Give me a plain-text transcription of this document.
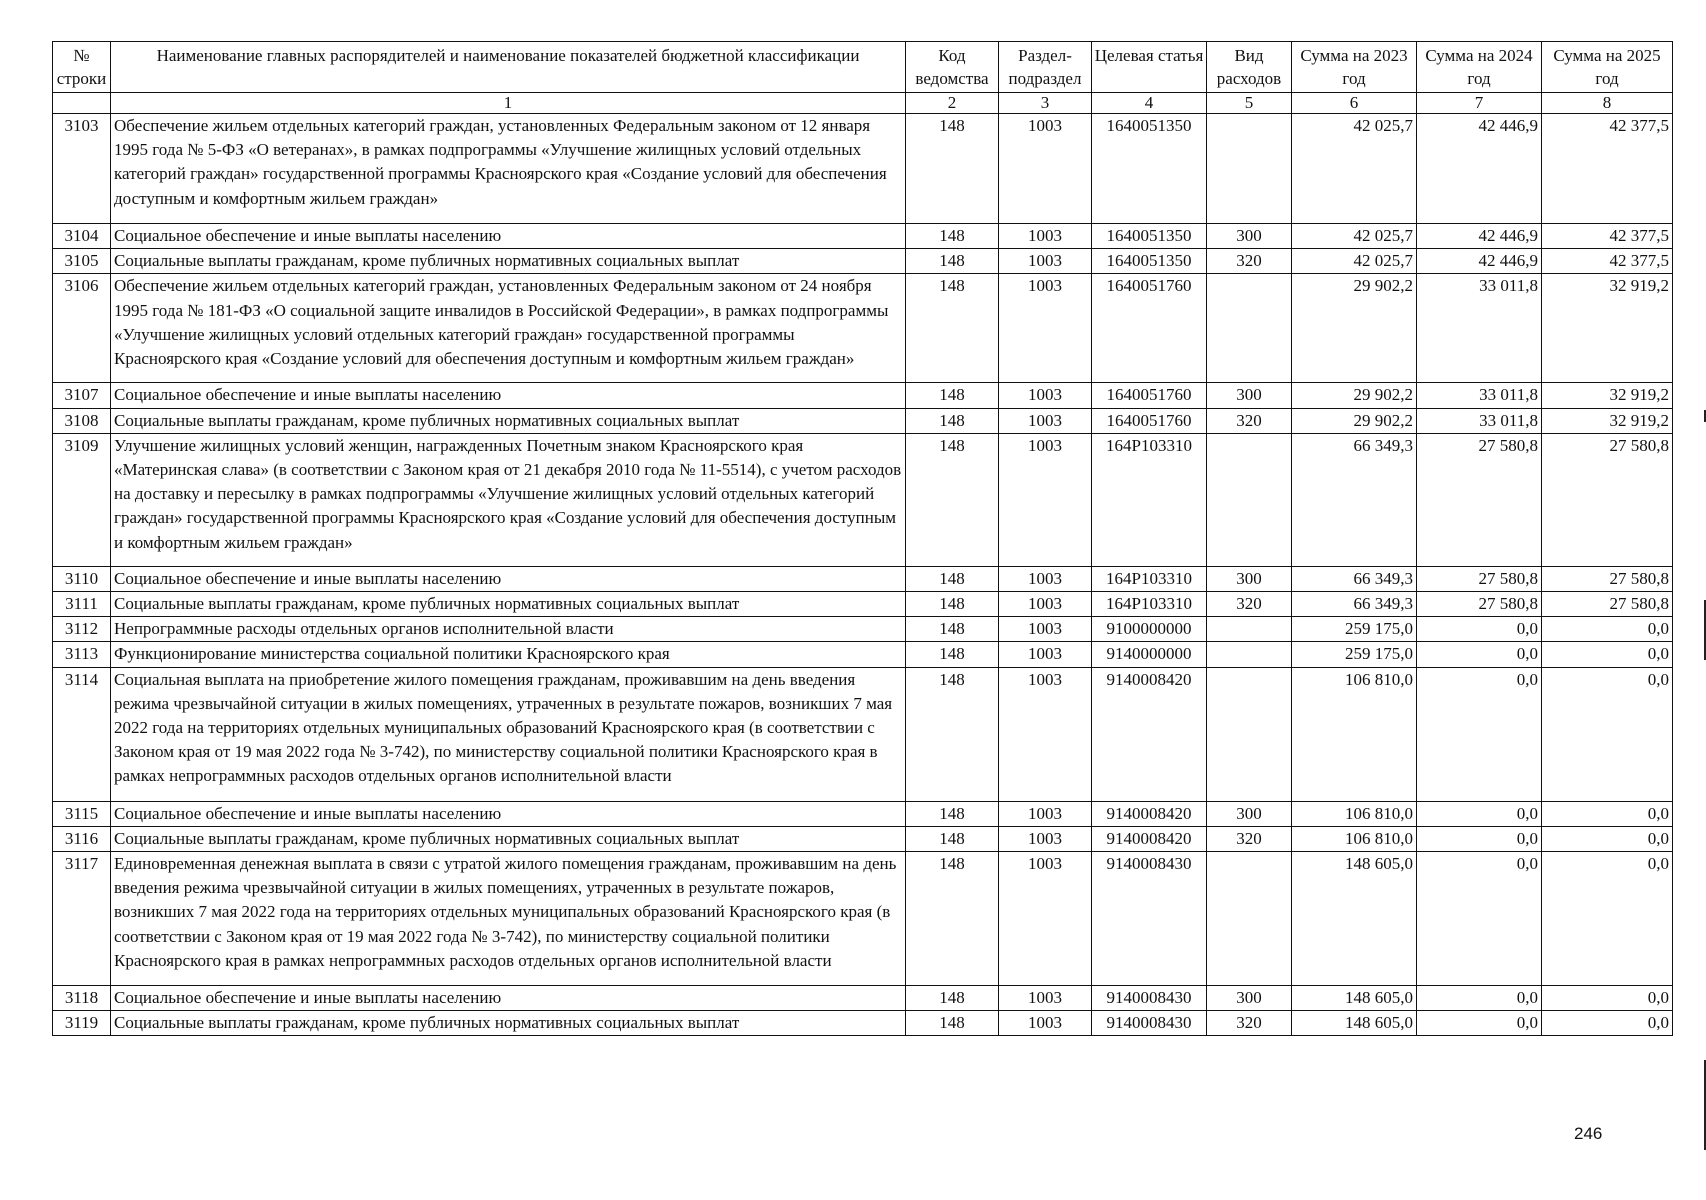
№ строки	Наименование главных распорядителей и наименование показателей бюджетной классификации	Код ведомства	Раздел-подраздел	Целевая статья	Вид расходов	Сумма на 2023 год	Сумма на 2024 год	Сумма на 2025 год
	1	2	3	4	5	6	7	8
3103	Обеспечение жильем отдельных категорий граждан, установленных Федеральным законом от 12 января 1995 года № 5-ФЗ «О ветеранах», в рамках подпрограммы «Улучшение жилищных условий отдельных категорий граждан» государственной программы Красноярского края «Создание условий для обеспечения доступным и комфортным жильем граждан»	148	1003	1640051350		42 025,7	42 446,9	42 377,5
3104	Социальное обеспечение и иные выплаты населению	148	1003	1640051350	300	42 025,7	42 446,9	42 377,5
3105	Социальные выплаты гражданам, кроме публичных нормативных социальных выплат	148	1003	1640051350	320	42 025,7	42 446,9	42 377,5
3106	Обеспечение жильем отдельных категорий граждан, установленных Федеральным законом от 24 ноября 1995 года № 181-ФЗ «О социальной защите инвалидов в Российской Федерации», в рамках подпрограммы «Улучшение жилищных условий отдельных категорий граждан» государственной программы Красноярского края «Создание условий для обеспечения доступным и комфортным жильем граждан»	148	1003	1640051760		29 902,2	33 011,8	32 919,2
3107	Социальное обеспечение и иные выплаты населению	148	1003	1640051760	300	29 902,2	33 011,8	32 919,2
3108	Социальные выплаты гражданам, кроме публичных нормативных социальных выплат	148	1003	1640051760	320	29 902,2	33 011,8	32 919,2
3109	Улучшение жилищных условий женщин, награжденных Почетным знаком Красноярского края «Материнская слава» (в соответствии с Законом края от 21 декабря 2010 года № 11-5514), с учетом расходов на доставку и пересылку в рамках подпрограммы «Улучшение жилищных условий отдельных категорий граждан» государственной программы Красноярского края «Создание условий для обеспечения доступным и комфортным жильем граждан»	148	1003	164P103310		66 349,3	27 580,8	27 580,8
3110	Социальное обеспечение и иные выплаты населению	148	1003	164P103310	300	66 349,3	27 580,8	27 580,8
3111	Социальные выплаты гражданам, кроме публичных нормативных социальных выплат	148	1003	164P103310	320	66 349,3	27 580,8	27 580,8
3112	Непрограммные расходы отдельных органов исполнительной власти	148	1003	9100000000		259 175,0	0,0	0,0
3113	Функционирование министерства социальной политики Красноярского края	148	1003	9140000000		259 175,0	0,0	0,0
3114	Социальная выплата на приобретение жилого помещения гражданам, проживавшим на день введения режима чрезвычайной ситуации в жилых помещениях, утраченных в результате пожаров, возникших 7 мая 2022 года на территориях отдельных муниципальных образований Красноярского края (в соответствии с Законом края от 19 мая 2022 года № 3-742), по министерству социальной политики Красноярского края в рамках непрограммных расходов отдельных органов исполнительной власти	148	1003	9140008420		106 810,0	0,0	0,0
3115	Социальное обеспечение и иные выплаты населению	148	1003	9140008420	300	106 810,0	0,0	0,0
3116	Социальные выплаты гражданам, кроме публичных нормативных социальных выплат	148	1003	9140008420	320	106 810,0	0,0	0,0
3117	Единовременная денежная выплата в связи с утратой жилого помещения гражданам, проживавшим на день введения режима чрезвычайной ситуации в жилых помещениях, утраченных в результате пожаров, возникших 7 мая 2022 года на территориях отдельных муниципальных образований Красноярского края (в соответствии с Законом края от 19 мая 2022 года № 3-742), по министерству социальной политики Красноярского края в рамках непрограммных расходов отдельных органов исполнительной власти	148	1003	9140008430		148 605,0	0,0	0,0
3118	Социальное обеспечение и иные выплаты населению	148	1003	9140008430	300	148 605,0	0,0	0,0
3119	Социальные выплаты гражданам, кроме публичных нормативных социальных выплат	148	1003	9140008430	320	148 605,0	0,0	0,0
246
